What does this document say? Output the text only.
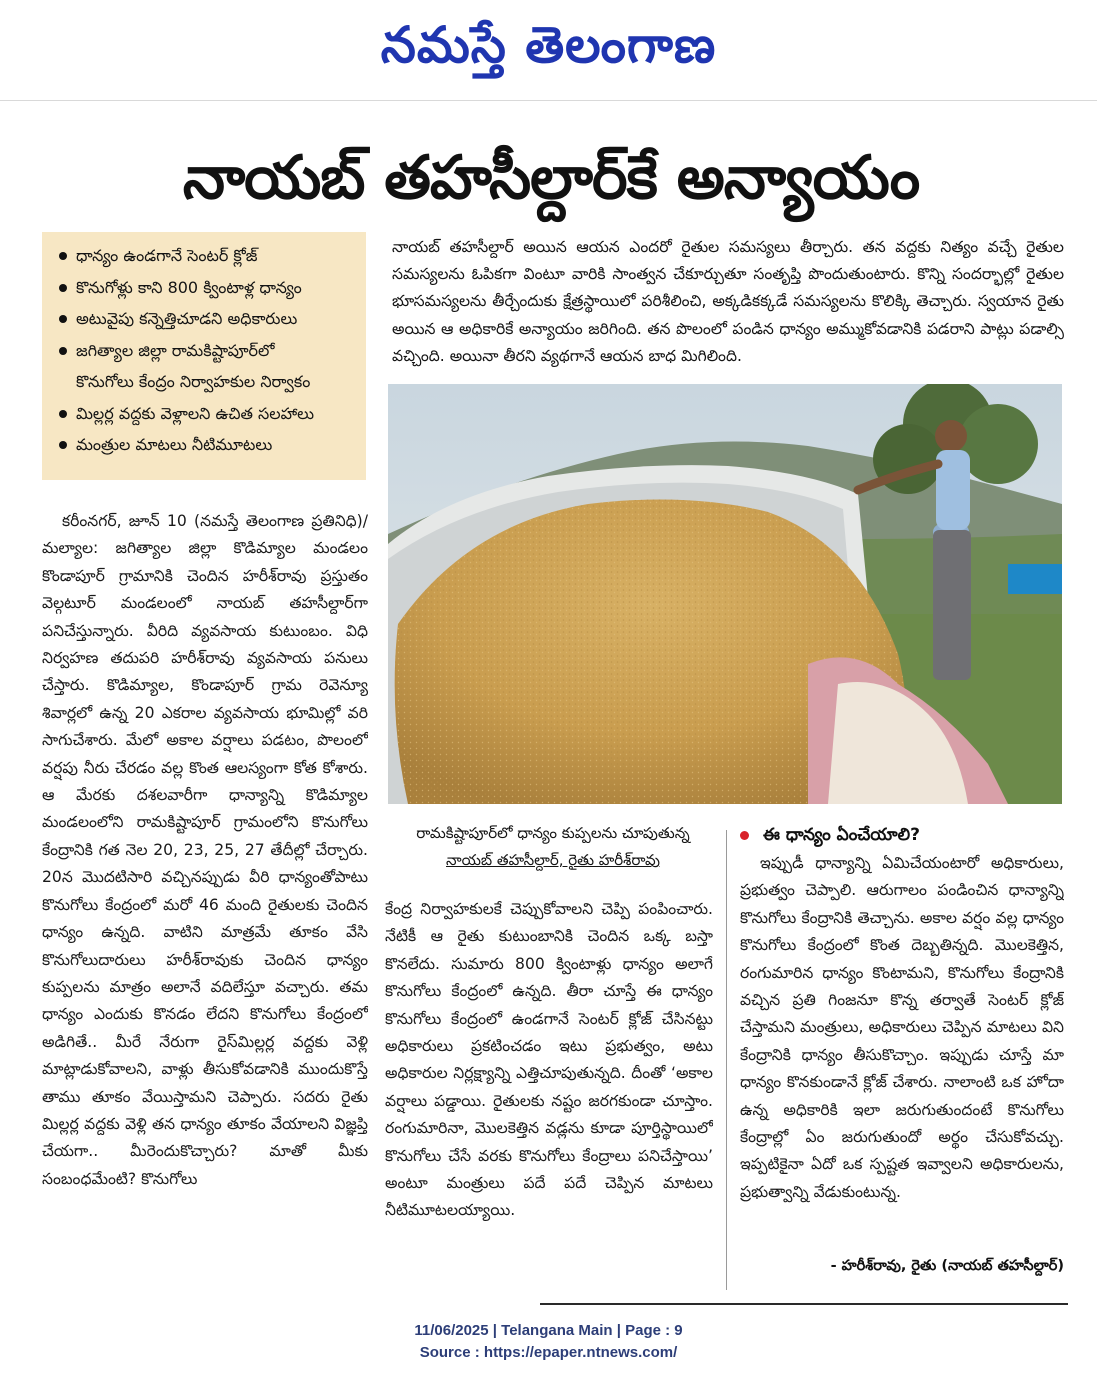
నమస్తే తెలంగాణ
నాయబ్ తహసీల్దార్‌కే అన్యాయం
ధాన్యం ఉండగానే సెంటర్ క్లోజ్
కొనుగోళ్లు కాని 800 క్వింటాళ్ల ధాన్యం
అటువైపు కన్నెత్తిచూడని అధికారులు
జగిత్యాల జిల్లా రామకిష్టాపూర్‌లో
కొనుగోలు కేంద్రం నిర్వాహకుల నిర్వాకం
మిల్లర్ల వద్దకు వెళ్లాలని ఉచిత సలహాలు
మంత్రుల మాటలు నీటిమూటలు
నాయబ్ తహసీల్దార్ అయిన ఆయన ఎందరో రైతుల సమస్యలు తీర్చారు. తన వద్దకు నిత్యం వచ్చే రైతుల సమస్యలను ఓపికగా వింటూ వారికి సాంత్వన చేకూర్చుతూ సంతృప్తి పొందుతుంటారు. కొన్ని సందర్భాల్లో రైతుల భూసమస్యలను తీర్చేందుకు క్షేత్రస్థాయిలో పరిశీలించి, అక్కడికక్కడే సమస్యలను కొలిక్కి తెచ్చారు. స్వయాన రైతు అయిన ఆ అధికారికే అన్యాయం జరిగింది. తన పొలంలో పండిన ధాన్యం అమ్ముకోవడానికి పడరాని పాట్లు పడాల్సి వచ్చింది. అయినా తీరని వ్యథగానే ఆయన బాధ మిగిలింది.
రామకిష్టాపూర్‌లో ధాన్యం కుప్పలను చూపుతున్న
నాయబ్ తహసీల్దార్, రైతు హరీశ్‌రావు

కరీంనగర్, జూన్ 10 (నమస్తే తెలంగాణ ప్రతినిధి)/మల్యాల: జగిత్యాల జిల్లా కొడిమ్యాల మండలం కొండాపూర్ గ్రామానికి చెందిన హరీశ్‌రావు ప్రస్తుతం వెల్గటూర్ మండలంలో నాయబ్ తహసీల్దార్‌గా పనిచేస్తున్నారు. వీరిది వ్యవసాయ కుటుంబం. విధి నిర్వహణ తదుపరి హరీశ్‌రావు వ్యవసాయ పనులు చేస్తారు. కొడిమ్యాల, కొండాపూర్ గ్రామ రెవెన్యూ శివార్లలో ఉన్న 20 ఎకరాల వ్యవసాయ భూమిల్లో వరి సాగుచేశారు. మేలో అకాల వర్షాలు పడటం, పొలంలో వర్షపు నీరు చేరడం వల్ల కొంత ఆలస్యంగా కోత కోశారు. ఆ మేరకు దశలవారీగా ధాన్యాన్ని కొడిమ్యాల మండలంలోని రామకిష్టాపూర్ గ్రామంలోని కొనుగోలు కేంద్రానికి గత నెల 20, 23, 25, 27 తేదీల్లో చేర్చారు. 20న మొదటిసారి వచ్చినప్పుడు వీరి ధాన్యంతోపాటు కొనుగోలు కేంద్రంలో మరో 46 మంది రైతులకు చెందిన ధాన్యం ఉన్నది. వాటిని మాత్రమే తూకం వేసి కొనుగోలుదారులు హరీశ్‌రావుకు చెందిన ధాన్యం కుప్పలను మాత్రం అలానే వదిలేస్తూ వచ్చారు. తమ ధాన్యం ఎందుకు కొనడం లేదని కొనుగోలు కేంద్రంలో అడిగితే.. మీరే నేరుగా రైస్‌మిల్లర్ల వద్దకు వెళ్లి మాట్లాడుకోవాలని, వాళ్లు తీసుకోవడానికి ముందుకొస్తే తాము తూకం వేయిస్తామని చెప్పారు. సదరు రైతు మిల్లర్ల వద్దకు వెళ్లి తన ధాన్యం తూకం వేయాలని విజ్ఞప్తి చేయగా.. మీరెందుకొచ్చారు? మాతో మీకు సంబంధమేంటి? కొనుగోలు

కేంద్ర నిర్వాహకులకే చెప్పుకోవాలని చెప్పి పంపించారు. నేటికీ ఆ రైతు కుటుంబానికి చెందిన ఒక్క బస్తా కొనలేదు. సుమారు 800 క్వింటాళ్లు ధాన్యం అలాగే కొనుగోలు కేంద్రంలో ఉన్నది. తీరా చూస్తే ఈ ధాన్యం కొనుగోలు కేంద్రంలో ఉండగానే సెంటర్ క్లోజ్ చేసినట్టు అధికారులు ప్రకటించడం ఇటు ప్రభుత్వం, అటు అధికారుల నిర్లక్ష్యాన్ని ఎత్తిచూపుతున్నది. దీంతో ‘అకాల వర్షాలు పడ్డాయి. రైతులకు నష్టం జరగకుండా చూస్తాం. రంగుమారినా, మొలకెత్తిన వడ్లను కూడా పూర్తిస్థాయిలో కొనుగోలు చేసే వరకు కొనుగోలు కేంద్రాలు పనిచేస్తాయి’ అంటూ మంత్రులు పదే పదే చెప్పిన మాటలు నీటిమూటలయ్యాయి.

ఈ ధాన్యం ఏంచేయాలి?

ఇప్పుడీ ధాన్యాన్ని ఏమిచేయంటారో అధికారులు, ప్రభుత్వం చెప్పాలి. ఆరుగాలం పండించిన ధాన్యాన్ని కొనుగోలు కేంద్రానికి తెచ్చాను. అకాల వర్షం వల్ల ధాన్యం కొనుగోలు కేంద్రంలో కొంత దెబ్బతిన్నది. మొలకెత్తిన, రంగుమారిన ధాన్యం కొంటామని, కొనుగోలు కేంద్రానికి వచ్చిన ప్రతి గింజనూ కొన్న తర్వాతే సెంటర్ క్లోజ్ చేస్తామని మంత్రులు, అధికారులు చెప్పిన మాటలు విని కేంద్రానికి ధాన్యం తీసుకొచ్చాం. ఇప్పుడు చూస్తే మా ధాన్యం కొనకుండానే క్లోజ్ చేశారు. నాలాంటి ఒక హోదా ఉన్న అధికారికి ఇలా జరుగుతుందంటే కొనుగోలు కేంద్రాల్లో ఏం జరుగుతుందో అర్థం చేసుకోవచ్చు. ఇప్పటికైనా ఏదో ఒక స్పష్టత ఇవ్వాలని అధికారులను, ప్రభుత్వాన్ని వేడుకుంటున్న.

- హరీశ్‌రావు, రైతు (నాయబ్ తహసీల్దార్)
11/06/2025 | Telangana Main | Page : 9
Source : https://epaper.ntnews.com/
